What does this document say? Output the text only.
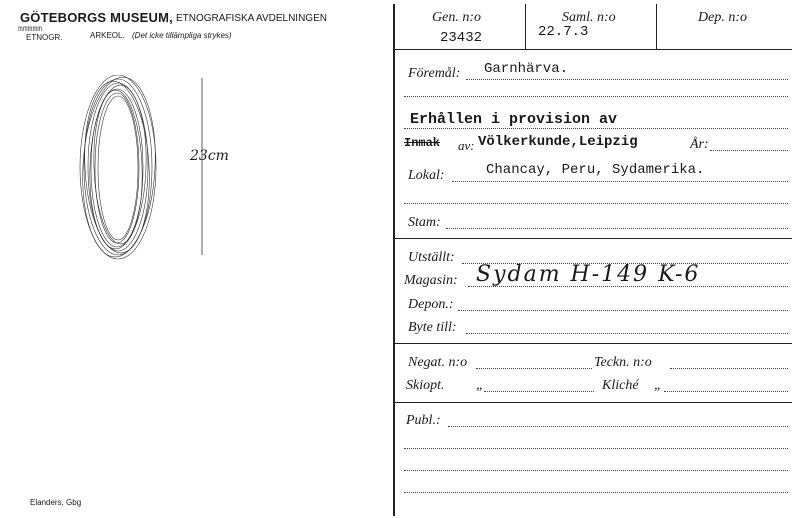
GÖTEBORGS MUSEUM, ETNOGRAFISKA AVDELNINGEN
mmmmm
ETNOGR.	ARKEOL. (Det icke tillämpliga strykes)
23cm
Elanders, Gbg
Gen. n:o
23432
Saml. n:o
22.7.3
Dep. n:o
Föremål: Garnhärva.
Erhållen i provision av
Inmak av: Völkerkunde,Leipzig	År:
Lokal:	Chancay, Peru, Sydamerika.
Stam:
Utställt:
Magasin: Sydam H-149 K-6
Depon.:
Byte till:
Negat. n:o	Teckn. n:o
Skiopt. „	Kliché „
Publ.:
